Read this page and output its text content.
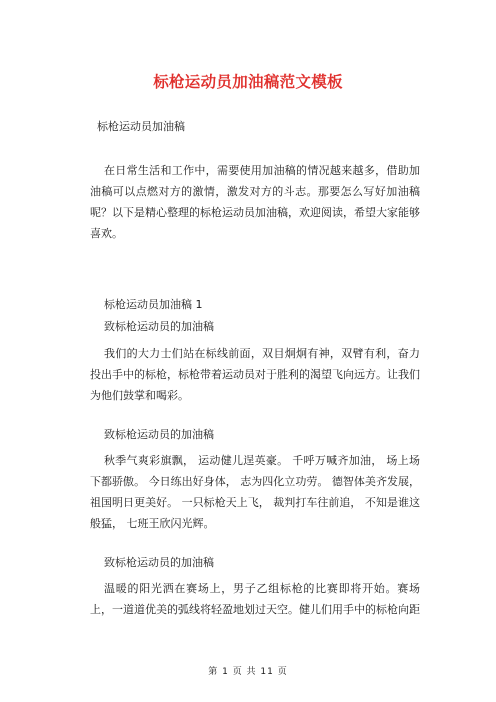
标枪运动员加油稿范文模板
标枪运动员加油稿

在日常生活和工作中，需要使用加油稿的情况越来越多，借助加油稿可以点燃对方的激情，激发对方的斗志。那要怎么写好加油稿呢？以下是精心整理的标枪运动员加油稿，欢迎阅读，希望大家能够喜欢。

标枪运动员加油稿 1
致标枪运动员的加油稿

我们的大力士们站在标线前面，双目炯炯有神，双臂有利，奋力投出手中的标枪，标枪带着运动员对于胜利的渴望飞向远方。让我们为他们鼓掌和喝彩。

致标枪运动员的加油稿

秋季气爽彩旗飘， 运动健儿逞英豪。 千呼万喊齐加油， 场上场下都骄傲。 今日练出好身体， 志为四化立功劳。 德智体美齐发展， 祖国明日更美好。 一只标枪天上飞， 裁判打车往前追， 不知是谁这般猛， 七班王欣闪光辉。

致标枪运动员的加油稿

温暖的阳光洒在赛场上，男子乙组标枪的比赛即将开始。赛场上，一道道优美的弧线将轻盈地划过天空。健儿们用手中的标枪向距

第 1 页 共 11 页
